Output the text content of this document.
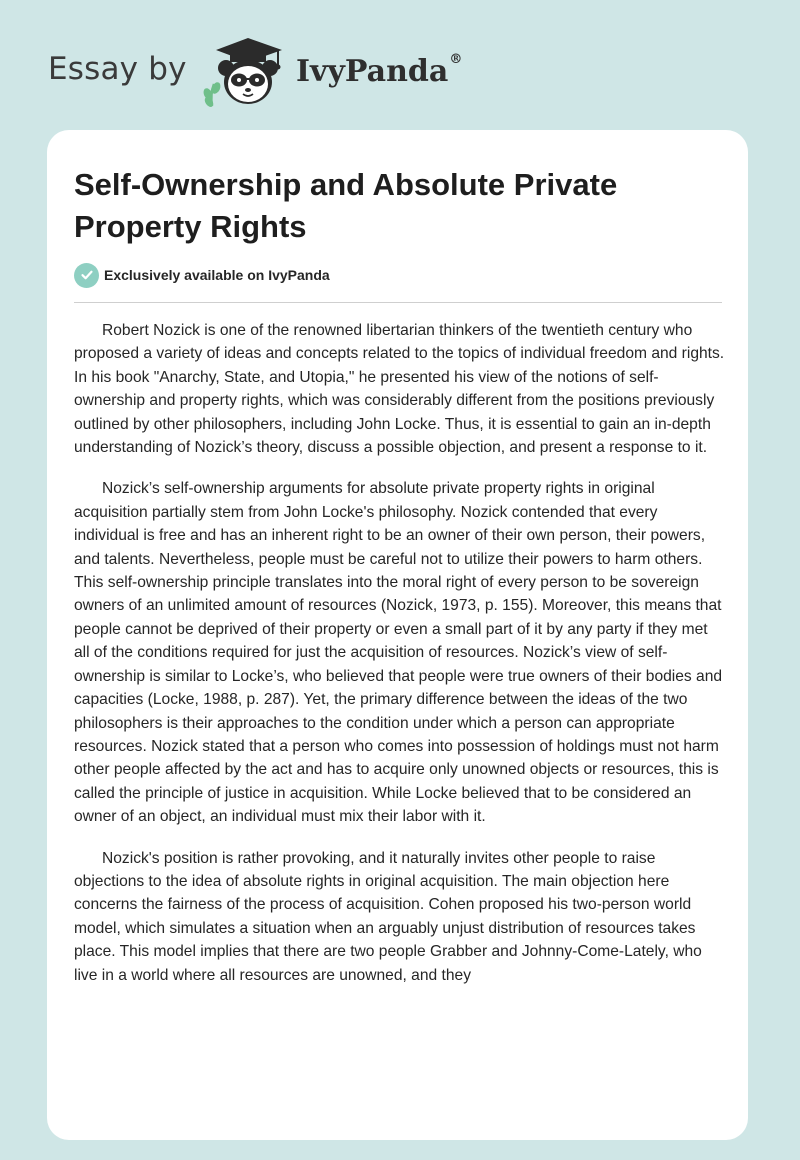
Essay by	IvyPanda®
Self-Ownership and Absolute Private Property Rights
Exclusively available on IvyPanda

Robert Nozick is one of the renowned libertarian thinkers of the twentieth century who proposed a variety of ideas and concepts related to the topics of individual freedom and rights. In his book "Anarchy, State, and Utopia," he presented his view of the notions of self-ownership and property rights, which was considerably different from the positions previously outlined by other philosophers, including John Locke. Thus, it is essential to gain an in-depth understanding of Nozick’s theory, discuss a possible objection, and present a response to it.

Nozick’s self-ownership arguments for absolute private property rights in original acquisition partially stem from John Locke's philosophy. Nozick contended that every individual is free and has an inherent right to be an owner of their own person, their powers, and talents. Nevertheless, people must be careful not to utilize their powers to harm others. This self-ownership principle translates into the moral right of every person to be sovereign owners of an unlimited amount of resources (Nozick, 1973, p. 155). Moreover, this means that people cannot be deprived of their property or even a small part of it by any party if they met all of the conditions required for just the acquisition of resources. Nozick’s view of self-ownership is similar to Locke’s, who believed that people were true owners of their bodies and capacities (Locke, 1988, p. 287). Yet, the primary difference between the ideas of the two philosophers is their approaches to the condition under which a person can appropriate resources. Nozick stated that a person who comes into possession of holdings must not harm other people affected by the act and has to acquire only unowned objects or resources, this is called the principle of justice in acquisition. While Locke believed that to be considered an owner of an object, an individual must mix their labor with it.

Nozick's position is rather provoking, and it naturally invites other people to raise objections to the idea of absolute rights in original acquisition. The main objection here concerns the fairness of the process of acquisition. Cohen proposed his two-person world model, which simulates a situation when an arguably unjust distribution of resources takes place. This model implies that there are two people Grabber and Johnny-Come-Lately, who live in a world where all resources are unowned, and they
